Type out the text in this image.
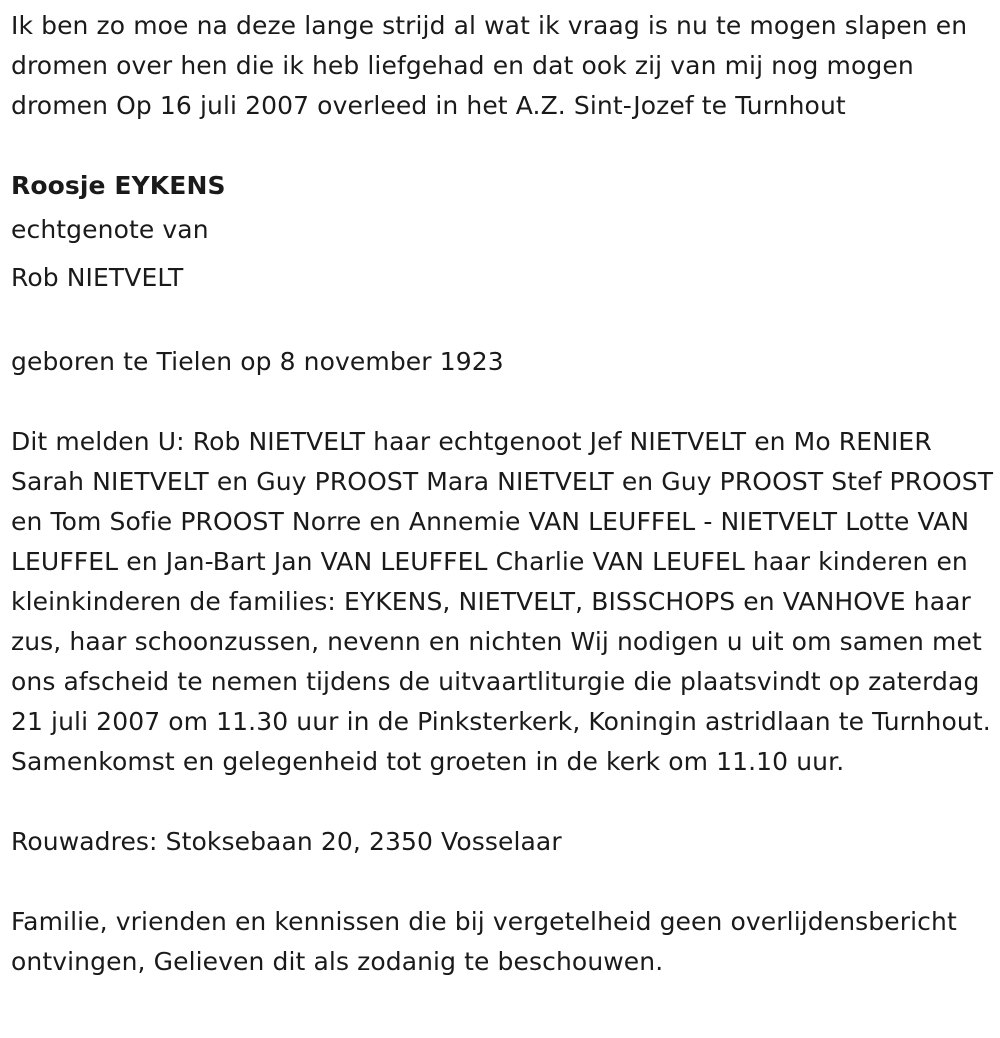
Ik ben zo moe na deze lange strijd al wat ik vraag is nu te mogen slapen en dromen over hen die ik heb liefgehad en dat ook zij van mij nog mogen dromen Op 16 juli 2007 overleed in het A.Z. Sint-Jozef te Turnhout

Roosje EYKENS

echtgenote van

Rob NIETVELT

geboren te Tielen op 8 november 1923

Dit melden U: Rob NIETVELT haar echtgenoot Jef NIETVELT en Mo RENIER Sarah NIETVELT en Guy PROOST Mara NIETVELT en Guy PROOST Stef PROOST en Tom Sofie PROOST Norre en Annemie VAN LEUFFEL - NIETVELT Lotte VAN LEUFFEL en Jan-Bart Jan VAN LEUFFEL Charlie VAN LEUFEL haar kinderen en kleinkinderen de families: EYKENS, NIETVELT, BISSCHOPS en VANHOVE haar zus, haar schoonzussen, nevenn en nichten Wij nodigen u uit om samen met ons afscheid te nemen tijdens de uitvaartliturgie die plaatsvindt op zaterdag 21 juli 2007 om 11.30 uur in de Pinksterkerk, Koningin astridlaan te Turnhout. Samenkomst en gelegenheid tot groeten in de kerk om 11.10 uur.

Rouwadres: Stoksebaan 20, 2350 Vosselaar

Familie, vrienden en kennissen die bij vergetelheid geen overlijdensbericht ontvingen, Gelieven dit als zodanig te beschouwen.
